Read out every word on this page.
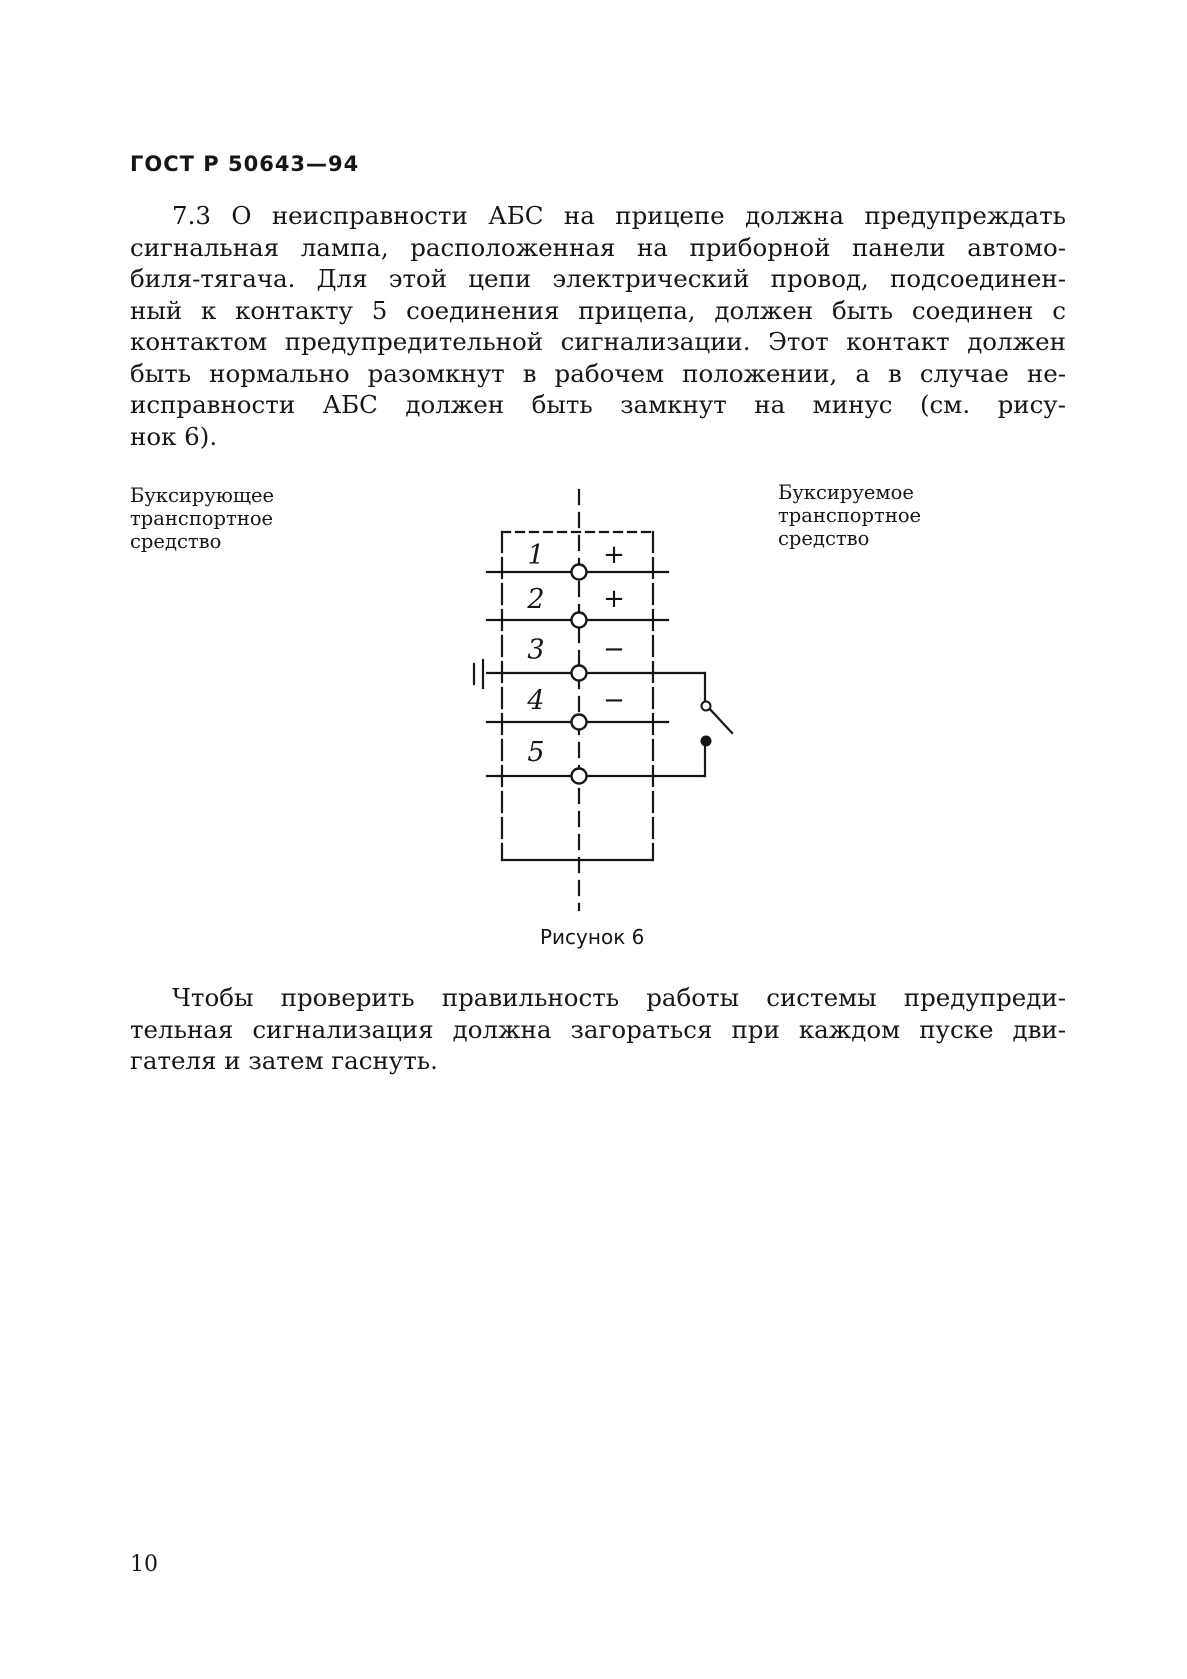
ГОСТ Р 50643—94
7.3 О неисправности АБС на прицепе должна предупреждать
сигнальная лампа, расположенная на приборной панели автомо-
биля-тягача. Для этой цепи электрический провод, подсоединен-
ный к контакту 5 соединения прицепа, должен быть соединен с
контактом предупредительной сигнализации. Этот контакт должен
быть нормально разомкнут в рабочем положении, а в случае не-
исправности АБС должен быть замкнут на минус (см. рису-
нок 6).
Буксирующее
транспортное
средство
Буксируемое
транспортное
средство
1 +
2 +
3 −
4 −
5
Рисунок 6
Чтобы проверить правильность работы системы предупреди-
тельная сигнализация должна загораться при каждом пуске дви-
гателя и затем гаснуть.
10
